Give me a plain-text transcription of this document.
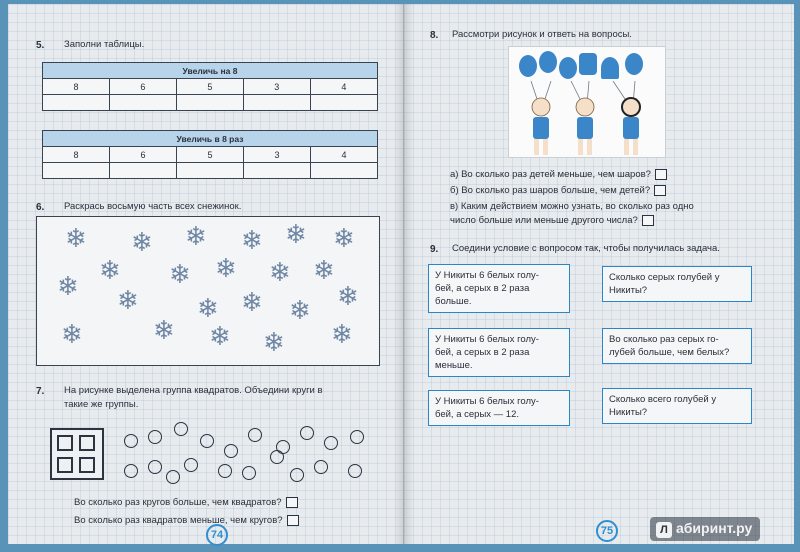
5. Заполни таблицы.
Увеличь на 8				
8	6	5	3	4

Увеличь в 8 раз				
8	6	5	3	4

6. Раскрась восьмую часть всех снежинок.
❄ ❄ ❄ ❄ ❄ ❄
❄
❄ ❄ ❄ ❄ ❄
❄ ❄ ❄ ❄ ❄
❄	❄ ❄ ❄ ❄
7. На рисунке выделена группа квадратов. Объедини круги в
такие же группы.
Во сколько раз кругов больше, чем квадратов?
Во сколько раз квадратов меньше, чем кругов?
74
8. Рассмотри рисунок и ответь на вопросы.
а) Во сколько раз детей меньше, чем шаров?
б) Во сколько раз шаров больше, чем детей?
в) Каким действием можно узнать, во сколько раз одно
число больше или меньше другого числа?
9. Соедини условие с вопросом так, чтобы получилась задача.
У Никиты 6 белых голу-
бей, а серых в 2 раза
больше.
У Никиты 6 белых голу-
бей, а серых в 2 раза
меньше.
У Никиты 6 белых голу-
бей, а серых — 12.
Сколько серых голубей у
Никиты?
Во сколько раз серых го-
лубей больше, чем белых?
Сколько всего голубей у
Никиты?
75	Л абиринт.ру
